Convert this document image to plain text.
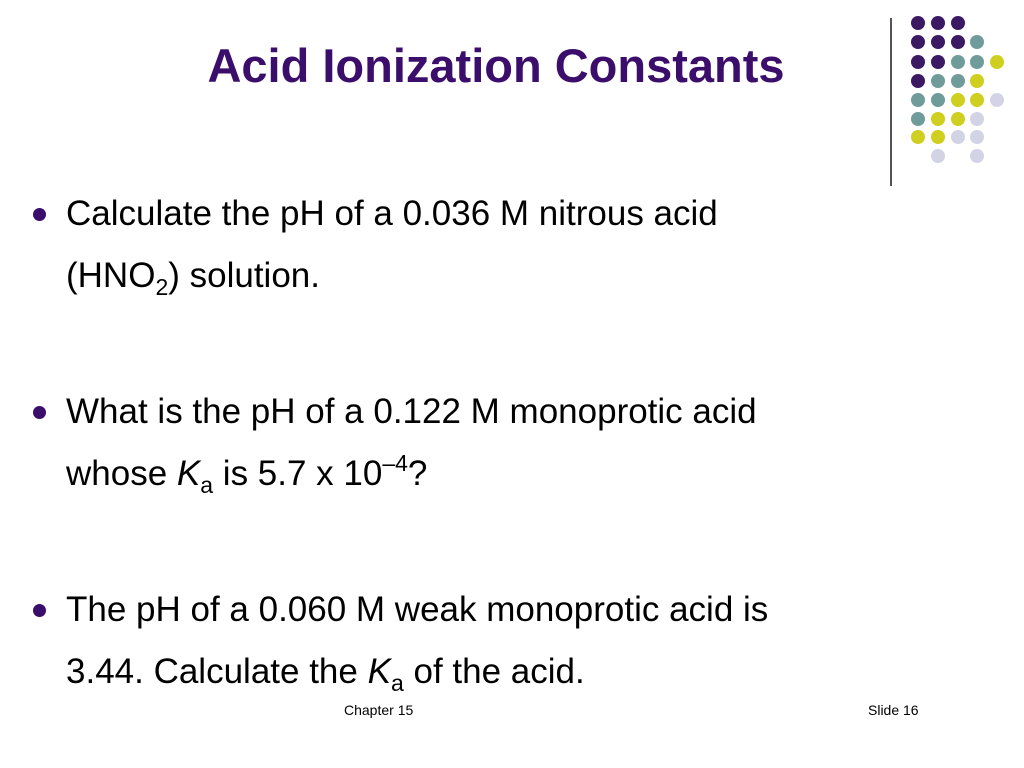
Acid Ionization Constants
Calculate the pH of a 0.036 M nitrous acid
$(HNO_2)$ solution.
What is the pH of a 0.122 M monoprotic acid
whose $K_a$ is 5.7 x $10^{-4}$?
The pH of a 0.060 M weak monoprotic acid is
3.44. Calculate the $K_a$ of the acid.
Chapter 15	Slide 16
